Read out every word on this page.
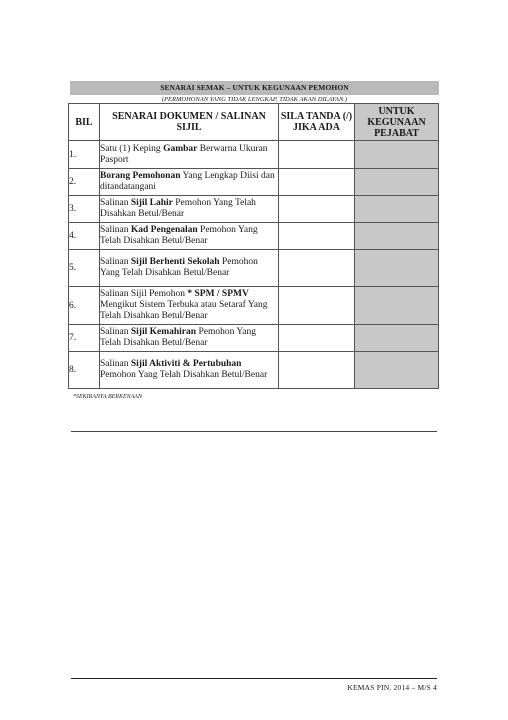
SENARAI SEMAK – UNTUK KEGUNAAN PEMOHON
(PERMOHONAN YANG TIDAK LENGKAP, TIDAK AKAN DILAYAN.)
BIL	SENARAI DOKUMEN / SALINAN SIJIL	SILA TANDA (/) JIKA ADA	UNTUK KEGUNAAN PEJABAT
1.	Satu (1) Keping Gambar Berwarna Ukuran Pasport		
2.	Borang Pemohonan Yang Lengkap Diisi dan ditandatangani		
3.	Salinan Sijil Lahir Pemohon Yang Telah Disahkan Betul/Benar		
4.	Salinan Kad Pengenalan Pemohon Yang Telah Disahkan Betul/Benar		
5.	Salinan Sijil Berhenti Sekolah Pemohon Yang Telah Disahkan Betul/Benar		
6.	Salinan Sijil Pemohon * SPM / SPMV Mengikut Sistem Terbuka atau Setaraf Yang Telah Disahkan Betul/Benar		
7.	Salinan Sijil Kemahiran Pemohon Yang Telah Disahkan Betul/Benar		
8.	Salinan Sijil Aktiviti & Pertubuhan Pemohon Yang Telah Disahkan Betul/Benar		
*SEKIRANYA BERKENAAN
KEMAS PIN. 2014 – M/S 4
